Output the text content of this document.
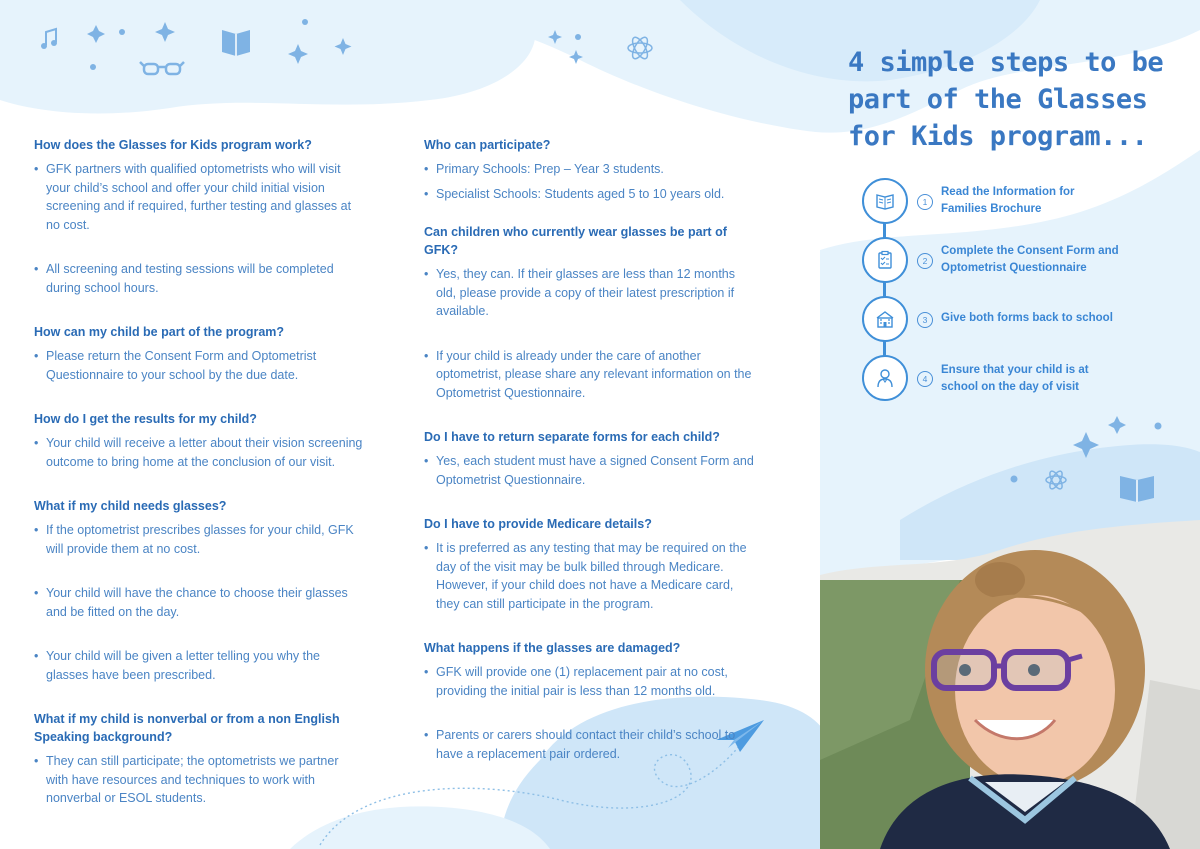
How does the Glasses for Kids program work?

• GFK partners with qualified optometrists who will visit your child’s school and offer your child initial vision screening and if required, further testing and glasses at no cost.

• All screening and testing sessions will be completed during school hours.

How can my child be part of the program?

• Please return the Consent Form and Optometrist Questionnaire to your school by the due date.

How do I get the results for my child?

• Your child will receive a letter about their vision screening outcome to bring home at the conclusion of our visit.

What if my child needs glasses?

• If the optometrist prescribes glasses for your child, GFK will provide them at no cost.

• Your child will have the chance to choose their glasses and be fitted on the day.

• Your child will be given a letter telling you why the glasses have been prescribed.

What if my child is nonverbal or from a non English Speaking background?

• They can still participate; the optometrists we partner with have resources and techniques to work with nonverbal or ESOL students.

Who can participate?

• Primary Schools: Prep – Year 3 students.

• Specialist Schools: Students aged 5 to 10 years old.

Can children who currently wear glasses be part of GFK?

• Yes, they can. If their glasses are less than 12 months old, please provide a copy of their latest prescription if available.

• If your child is already under the care of another optometrist, please share any relevant information on the Optometrist Questionnaire.

Do I have to return separate forms for each child?

• Yes, each student must have a signed Consent Form and Optometrist Questionnaire.

Do I have to provide Medicare details?

• It is preferred as any testing that may be required on the day of the visit may be bulk billed through Medicare. However, if your child does not have a Medicare card, they can still participate in the program.

What happens if the glasses are damaged?

• GFK will provide one (1) replacement pair at no cost, providing the initial pair is less than 12 months old.

• Parents or carers should contact their child’s school to have a replacement pair ordered.

4 simple steps to be part of the Glasses for Kids program...
1
Read the Information for Families Brochure
2
Complete the Consent Form and Optometrist Questionnaire
3	Give both forms back to school
4
Ensure that your child is at school on the day of visit
